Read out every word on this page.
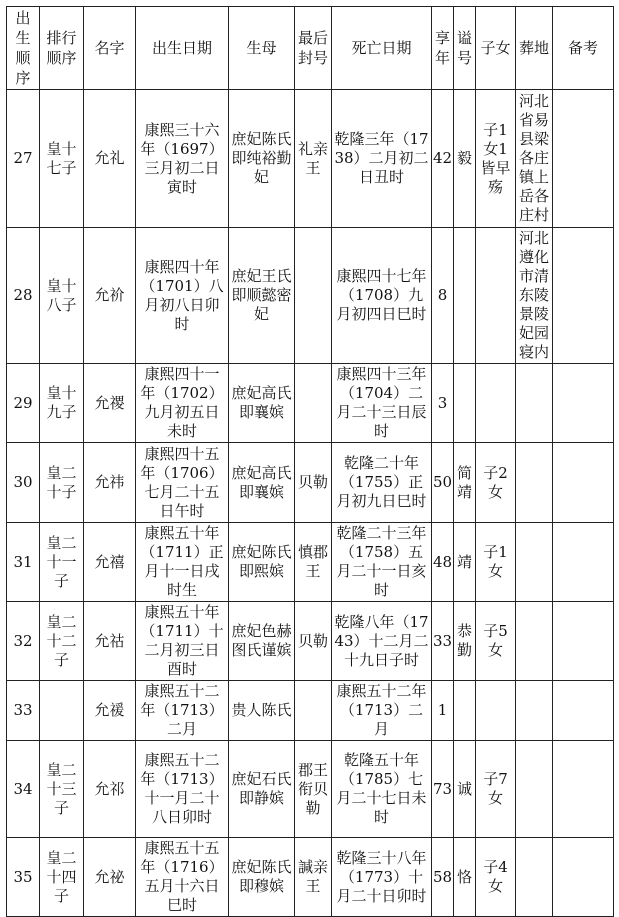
出生顺序	排行顺序	名字	出生日期	生母	最后封号	死亡日期	享年	谥号	子女	葬地	备考
27	皇十七子	允礼	康熙三十六年（1697）三月初二日寅时	庶妃陈氏即纯裕勤妃	礼亲王	乾隆三年（1738）二月初二日丑时	42	毅	子1女1皆早殇	河北省易县梁各庄镇上岳各庄村	
28	皇十八子	允祄	康熙四十年（1701）八月初八日卯时	庶妃王氏即顺懿密妃		康熙四十七年（1708）九月初四日巳时	8			河北遵化市清东陵景陵妃园寝内	
29	皇十九子	允禝	康熙四十一年（1702）九月初五日未时	庶妃高氏即襄嫔		康熙四十三年（1704）二月二十三日辰时	3				
30	皇二十子	允祎	康熙四十五年（1706）七月二十五日午时	庶妃高氏即襄嫔	贝勒	乾隆二十年（1755）正月初九日巳时	50	简靖	子2女		
31	皇二十一子	允禧	康熙五十年（1711）正月十一日戌时生	庶妃陈氏即熙嫔	慎郡王	乾隆二十三年（1758）五月二十一日亥时	48	靖	子1女		
32	皇二十二子	允祜	康熙五十年（1711）十二月初三日酉时	庶妃色赫图氏谨嫔	贝勒	乾隆八年（1743）十二月二十九日子时	33	恭勤	子5女		
33		允禐	康熙五十二年（1713）二月	贵人陈氏		康熙五十二年（1713）二月	1				
34	皇二十三子	允祁	康熙五十二年（1713）十一月二十八日卯时	庶妃石氏即静嫔	郡王衔贝勒	乾隆五十年（1785）七月二十七日未时	73	诚	子7女		
35	皇二十四子	允祕	康熙五十五年（1716）五月十六日巳时	庶妃陈氏即穆嫔	諴亲王	乾隆三十八年（1773）十月二十日卯时	58	恪	子4女		
